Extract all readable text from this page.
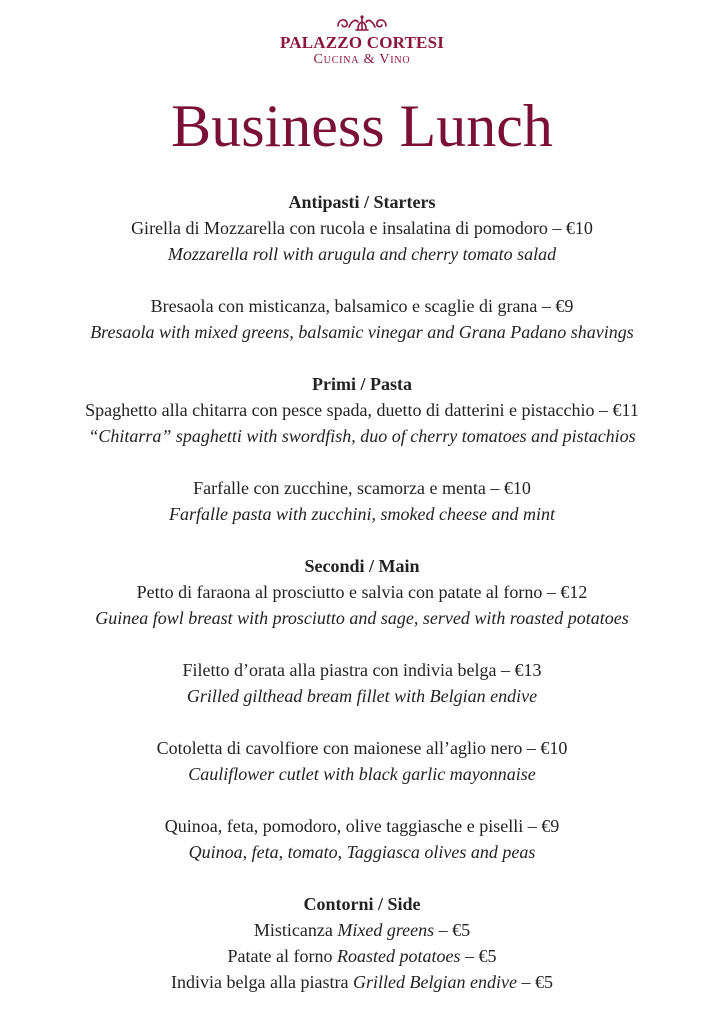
PALAZZO CORTESI
Cucina & Vino
Business Lunch
Antipasti / Starters
Girella di Mozzarella con rucola e insalatina di pomodoro – €10
Mozzarella roll with arugula and cherry tomato salad
Bresaola con misticanza, balsamico e scaglie di grana – €9
Bresaola with mixed greens, balsamic vinegar and Grana Padano shavings
Primi / Pasta
Spaghetto alla chitarra con pesce spada, duetto di datterini e pistacchio – €11
“Chitarra” spaghetti with swordfish, duo of cherry tomatoes and pistachios
Farfalle con zucchine, scamorza e menta – €10
Farfalle pasta with zucchini, smoked cheese and mint
Secondi / Main
Petto di faraona al prosciutto e salvia con patate al forno – €12
Guinea fowl breast with prosciutto and sage, served with roasted potatoes
Filetto d’orata alla piastra con indivia belga – €13
Grilled gilthead bream fillet with Belgian endive
Cotoletta di cavolfiore con maionese all’aglio nero – €10
Cauliflower cutlet with black garlic mayonnaise
Quinoa, feta, pomodoro, olive taggiasche e piselli – €9
Quinoa, feta, tomato, Taggiasca olives and peas
Contorni / Side
Misticanza Mixed greens – €5
Patate al forno Roasted potatoes – €5
Indivia belga alla piastra Grilled Belgian endive – €5
